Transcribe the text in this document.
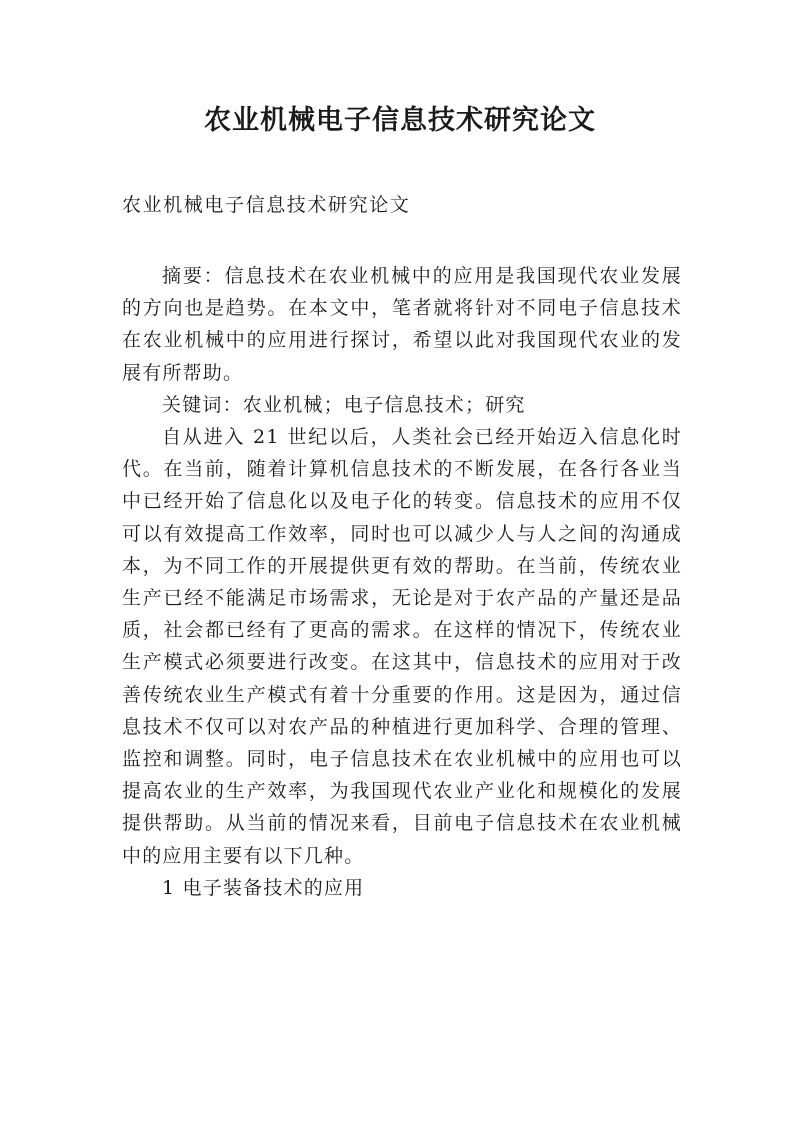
农业机械电子信息技术研究论文

农业机械电子信息技术研究论文

摘要：信息技术在农业机械中的应用是我国现代农业发展的方向也是趋势。在本文中，笔者就将针对不同电子信息技术在农业机械中的应用进行探讨，希望以此对我国现代农业的发展有所帮助。

关键词：农业机械；电子信息技术；研究

自从进入 21 世纪以后，人类社会已经开始迈入信息化时代。在当前，随着计算机信息技术的不断发展，在各行各业当中已经开始了信息化以及电子化的转变。信息技术的应用不仅可以有效提高工作效率，同时也可以减少人与人之间的沟通成本，为不同工作的开展提供更有效的帮助。在当前，传统农业生产已经不能满足市场需求，无论是对于农产品的产量还是品质，社会都已经有了更高的需求。在这样的情况下，传统农业生产模式必须要进行改变。在这其中，信息技术的应用对于改善传统农业生产模式有着十分重要的作用。这是因为，通过信息技术不仅可以对农产品的种植进行更加科学、合理的管理、监控和调整。同时，电子信息技术在农业机械中的应用也可以提高农业的生产效率，为我国现代农业产业化和规模化的发展提供帮助。从当前的情况来看，目前电子信息技术在农业机械中的应用主要有以下几种。

1 电子装备技术的应用
